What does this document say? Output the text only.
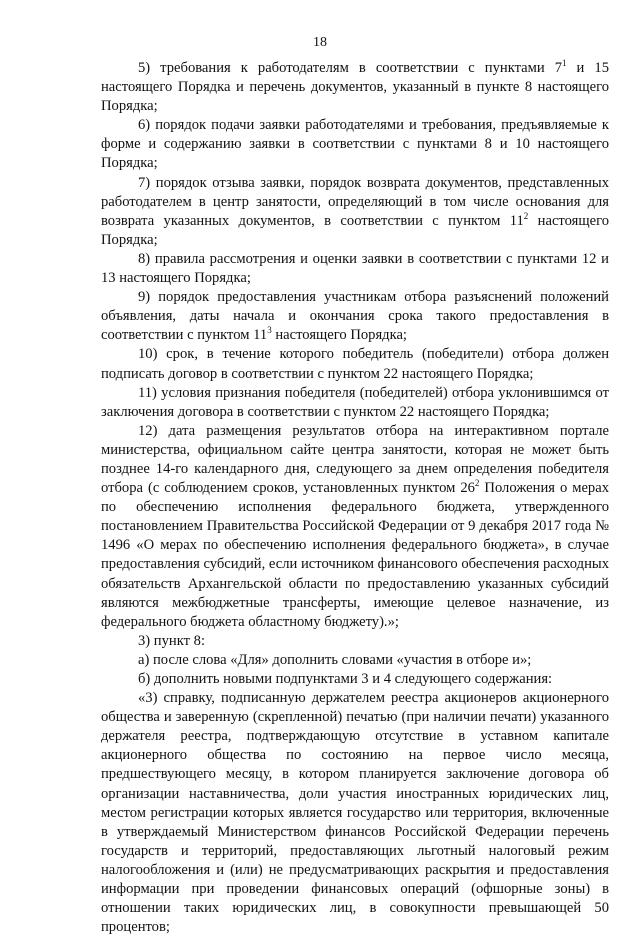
18

5) требования к работодателям в соответствии с пунктами $7^1$ и 15 настоящего Порядка и перечень документов, указанный в пункте 8 настоящего Порядка;

6) порядок подачи заявки работодателями и требования, предъявляемые к форме и содержанию заявки в соответствии с пунктами 8 и 10 настоящего Порядка;

7) порядок отзыва заявки, порядок возврата документов, представленных работодателем в центр занятости, определяющий в том числе основания для возврата указанных документов, в соответствии с пунктом $11^2$ настоящего Порядка;

8) правила рассмотрения и оценки заявки в соответствии с пунктами 12 и 13 настоящего Порядка;

9) порядок предоставления участникам отбора разъяснений положений объявления, даты начала и окончания срока такого предоставления в соответствии с пунктом $11^3$ настоящего Порядка;

10) срок, в течение которого победитель (победители) отбора должен подписать договор в соответствии с пунктом 22 настоящего Порядка;

11) условия признания победителя (победителей) отбора уклонившимся от заключения договора в соответствии с пунктом 22 настоящего Порядка;

12) дата размещения результатов отбора на интерактивном портале министерства, официальном сайте центра занятости, которая не может быть позднее 14-го календарного дня, следующего за днем определения победителя отбора (с соблюдением сроков, установленных пунктом $26^2$ Положения о мерах по обеспечению исполнения федерального бюджета, утвержденного постановлением Правительства Российской Федерации от 9 декабря 2017 года № 1496 «О мерах по обеспечению исполнения федерального бюджета», в случае предоставления субсидий, если источником финансового обеспечения расходных обязательств Архангельской области по предоставлению указанных субсидий являются межбюджетные трансферты, имеющие целевое назначение, из федерального бюджета областному бюджету).»;

3) пункт 8:

а) после слова «Для» дополнить словами «участия в отборе и»;

б) дополнить новыми подпунктами 3 и 4 следующего содержания:

«3) справку, подписанную держателем реестра акционеров акционерного общества и заверенную (скрепленной) печатью (при наличии печати) указанного держателя реестра, подтверждающую отсутствие в уставном капитале акционерного общества по состоянию на первое число месяца, предшествующего месяцу, в котором планируется заключение договора об организации наставничества, доли участия иностранных юридических лиц, местом регистрации которых является государство или территория, включенные в утверждаемый Министерством финансов Российской Федерации перечень государств и территорий, предоставляющих льготный налоговый режим налогообложения и (или) не предусматривающих раскрытия и предоставления информации при проведении финансовых операций (офшорные зоны) в отношении таких юридических лиц, в совокупности превышающей 50 процентов;
